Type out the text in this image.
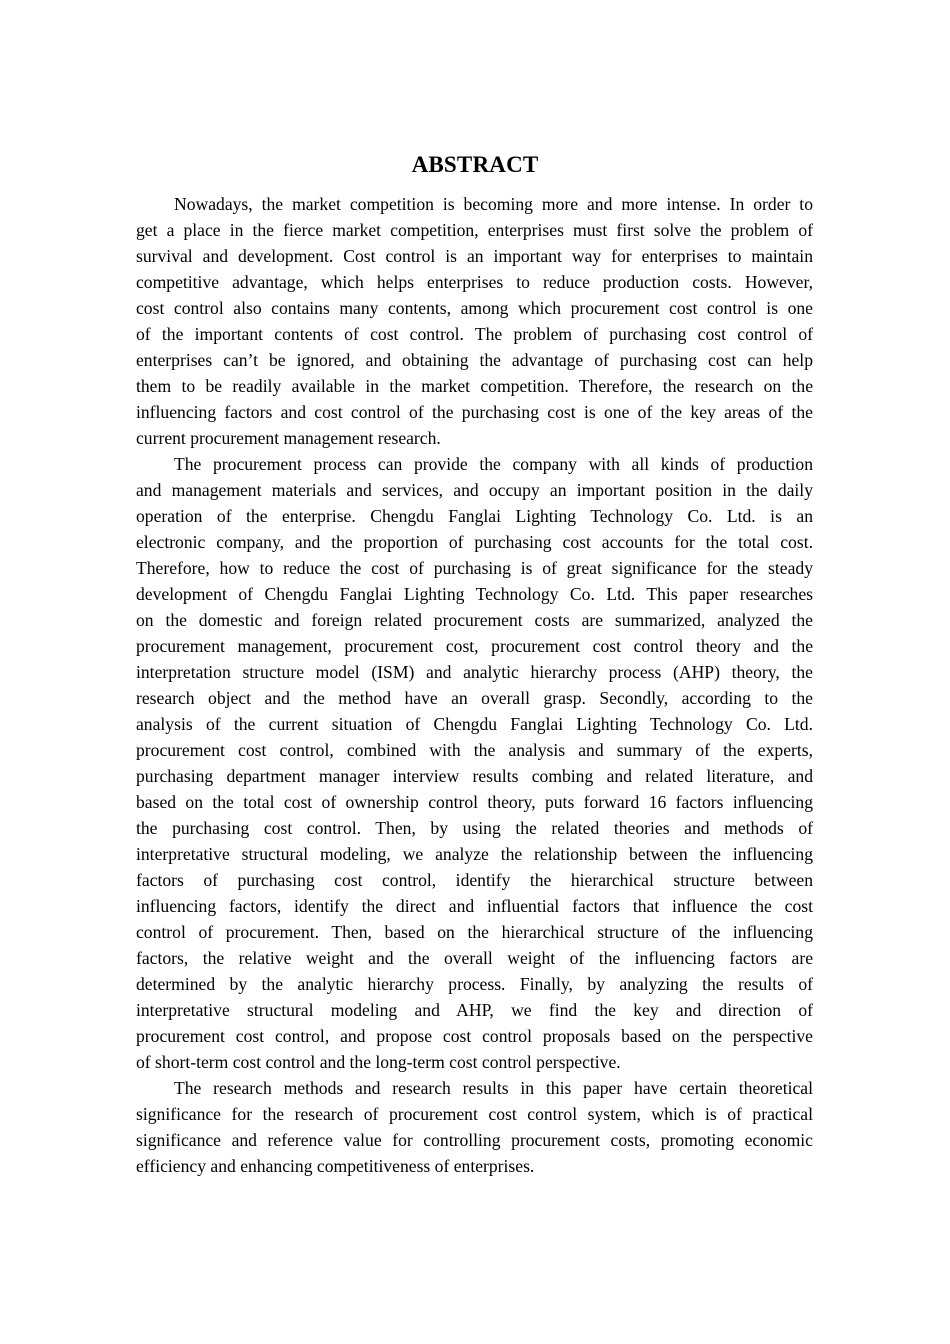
ABSTRACT
Nowadays, the market competition is becoming more and more intense. In order to
get a place in the fierce market competition, enterprises must first solve the problem of
survival and development. Cost control is an important way for enterprises to maintain
competitive advantage, which helps enterprises to reduce production costs. However,
cost control also contains many contents, among which procurement cost control is one
of the important contents of cost control. The problem of purchasing cost control of
enterprises can’t be ignored, and obtaining the advantage of purchasing cost can help
them to be readily available in the market competition. Therefore, the research on the
influencing factors and cost control of the purchasing cost is one of the key areas of the
current procurement management research.
The procurement process can provide the company with all kinds of production
and management materials and services, and occupy an important position in the daily
operation of the enterprise. Chengdu Fanglai Lighting Technology Co. Ltd. is an
electronic company, and the proportion of purchasing cost accounts for the total cost.
Therefore, how to reduce the cost of purchasing is of great significance for the steady
development of Chengdu Fanglai Lighting Technology Co. Ltd. This paper researches
on the domestic and foreign related procurement costs are summarized, analyzed the
procurement management, procurement cost, procurement cost control theory and the
interpretation structure model (ISM) and analytic hierarchy process (AHP) theory, the
research object and the method have an overall grasp. Secondly, according to the
analysis of the current situation of Chengdu Fanglai Lighting Technology Co. Ltd.
procurement cost control, combined with the analysis and summary of the experts,
purchasing department manager interview results combing and related literature, and
based on the total cost of ownership control theory, puts forward 16 factors influencing
the purchasing cost control. Then, by using the related theories and methods of
interpretative structural modeling, we analyze the relationship between the influencing
factors of purchasing cost control, identify the hierarchical structure between
influencing factors, identify the direct and influential factors that influence the cost
control of procurement. Then, based on the hierarchical structure of the influencing
factors, the relative weight and the overall weight of the influencing factors are
determined by the analytic hierarchy process. Finally, by analyzing the results of
interpretative structural modeling and AHP, we find the key and direction of
procurement cost control, and propose cost control proposals based on the perspective
of short-term cost control and the long-term cost control perspective.
The research methods and research results in this paper have certain theoretical
significance for the research of procurement cost control system, which is of practical
significance and reference value for controlling procurement costs, promoting economic
efficiency and enhancing competitiveness of enterprises.
